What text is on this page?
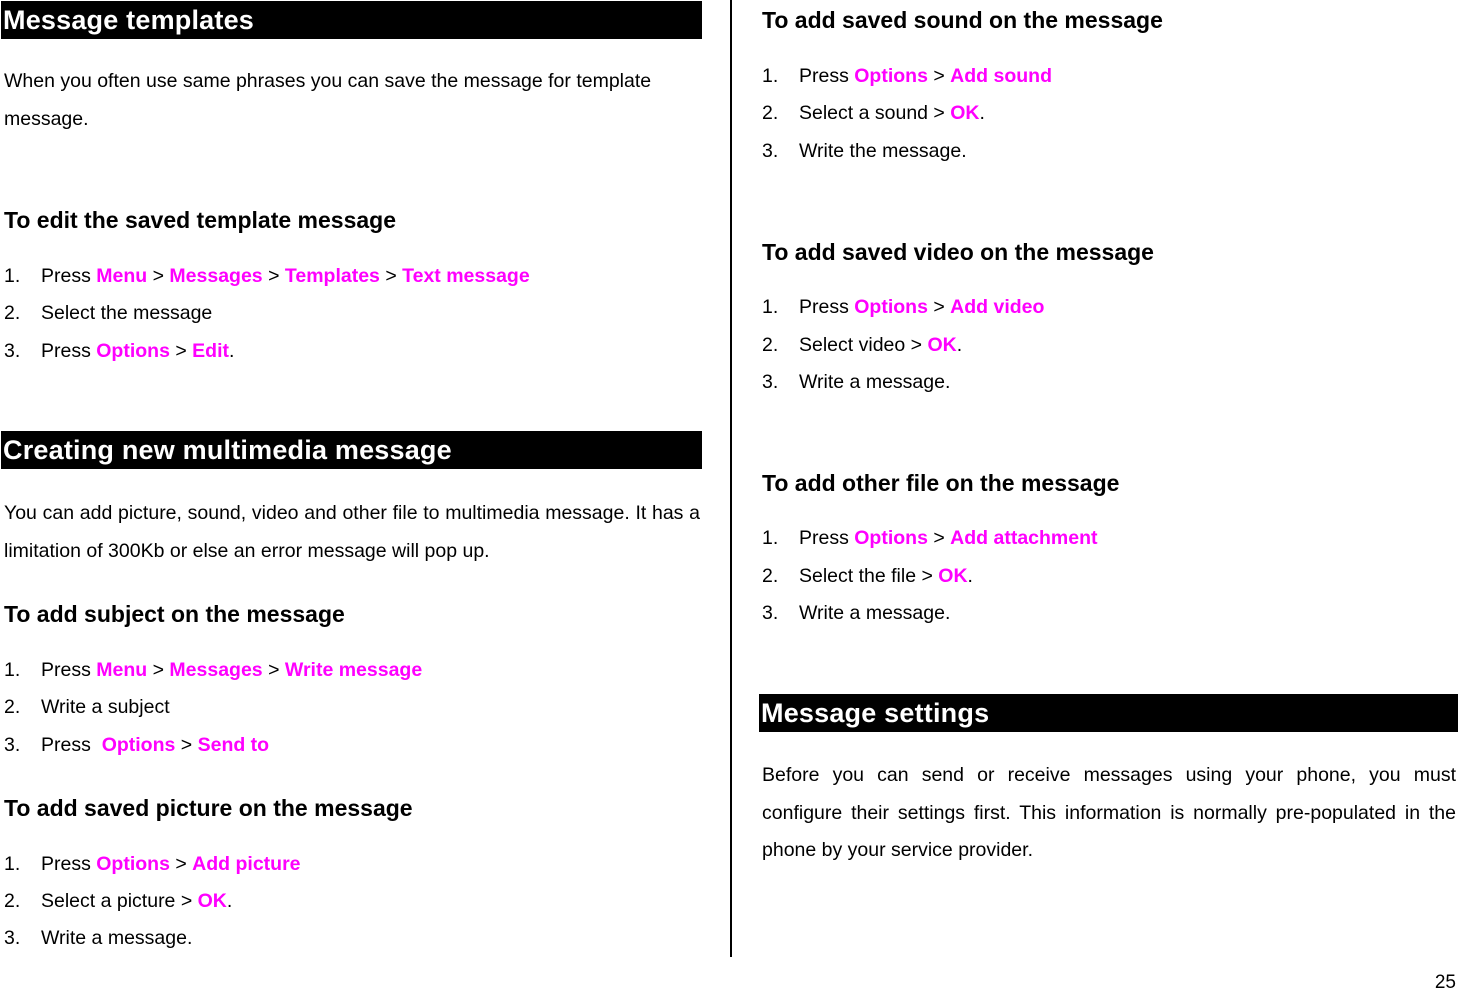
Message templates
When you often use same phrases you can save the message for template message.
To edit the saved template message
1. Press Menu > Messages > Templates > Text message
2. Select the message
3. Press Options > Edit.
Creating new multimedia message
You can add picture, sound, video and other file to multimedia message. It has a limitation of 300Kb or else an error message will pop up.
To add subject on the message
1. Press Menu > Messages > Write message
2. Write a subject
3. Press  Options > Send to
To add saved picture on the message
1. Press Options > Add picture
2. Select a picture > OK.
3. Write a message.
To add saved sound on the message
1. Press Options > Add sound
2. Select a sound > OK.
3. Write the message.
To add saved video on the message
1. Press Options > Add video
2. Select video > OK.
3. Write a message.
To add other file on the message
1. Press Options > Add attachment
2. Select the file > OK.
3. Write a message.
Message settings
Before you can send or receive messages using your phone, you must configure their settings first. This information is normally pre-populated in the phone by your service provider.
25
